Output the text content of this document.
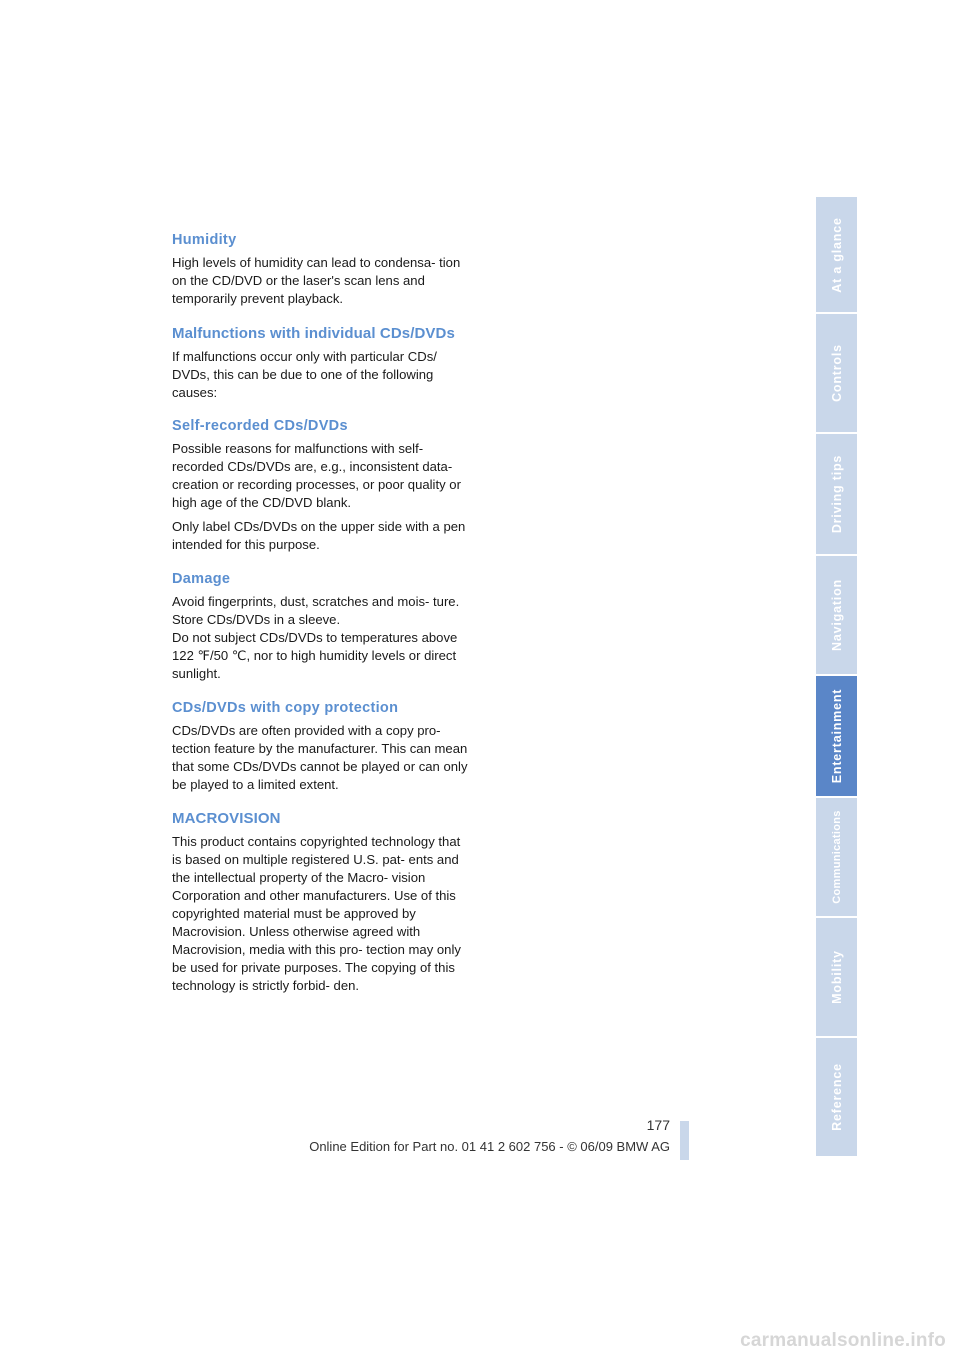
Humidity

High levels of humidity can lead to condensa- tion on the CD/DVD or the laser's scan lens and temporarily prevent playback.

Malfunctions with individual CDs/DVDs

If malfunctions occur only with particular CDs/ DVDs, this can be due to one of the following causes:

Self-recorded CDs/DVDs

Possible reasons for malfunctions with self- recorded CDs/DVDs are, e.g., inconsistent data-creation or recording processes, or poor quality or high age of the CD/DVD blank.

Only label CDs/DVDs on the upper side with a pen intended for this purpose.

Damage

Avoid fingerprints, dust, scratches and mois- ture.
Store CDs/DVDs in a sleeve.
Do not subject CDs/DVDs to temperatures above 122 ℉/50 ℃, nor to high humidity levels or direct sunlight.

CDs/DVDs with copy protection

CDs/DVDs are often provided with a copy pro- tection feature by the manufacturer. This can mean that some CDs/DVDs cannot be played or can only be played to a limited extent.

MACROVISION

This product contains copyrighted technology that is based on multiple registered U.S. pat- ents and the intellectual property of the Macro- vision Corporation and other manufacturers. Use of this copyrighted material must be approved by Macrovision. Unless otherwise agreed with Macrovision, media with this pro- tection may only be used for private purposes. The copying of this technology is strictly forbid- den.

At a glance
Controls
Driving tips
Navigation
Entertainment
Communications
Mobility
Reference
177
Online Edition for Part no. 01 41 2 602 756 - © 06/09 BMW AG
carmanualsonline.info
